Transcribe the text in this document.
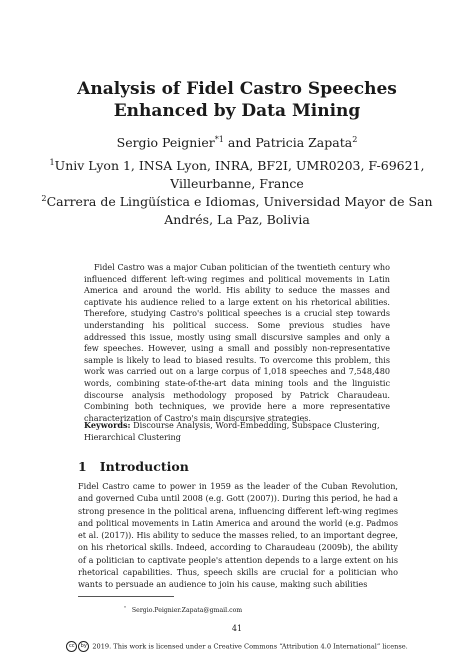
Analysis of Fidel Castro Speeches
Enhanced by Data Mining
Sergio Peignier$^{*1}$ and Patricia Zapata$^2$
$^1$Univ Lyon 1, INSA Lyon, INRA, BF2I, UMR0203, F-69621,
Villeurbanne, France
$^2$Carrera de Lingüística e Idiomas, Universidad Mayor de San
Andrés, La Paz, Bolivia
Fidel Castro was a major Cuban politician of the twentieth century who influenced different left-wing regimes and political movements in Latin America and around the world. His ability to seduce the masses and captivate his audience relied to a large extent on his rhetorical abilities. Therefore, studying Castro's political speeches is a crucial step towards understanding his political success. Some previous studies have addressed this issue, mostly using small discursive samples and only a few speeches. However, using a small and possibly non-representative sample is likely to lead to biased results. To overcome this problem, this work was carried out on a large corpus of 1,018 speeches and 7,548,480 words, combining state-of-the-art data mining tools and the linguistic discourse analysis methodology proposed by Patrick Charaudeau. Combining both techniques, we provide here a more representative characterization of Castro's main discursive strategies.
Keywords: Discourse Analysis, Word-Embedding, Subspace Clustering, Hierarchical Clustering
1 Introduction
Fidel Castro came to power in 1959 as the leader of the Cuban Revolution, and governed Cuba until 2008 (e.g. Gott (2007)). During this period, he had a strong presence in the political arena, influencing different left-wing regimes and political movements in Latin America and around the world (e.g. Padmos et al. (2017)). His ability to seduce the masses relied, to an important degree, on his rhetorical skills. Indeed, according to Charaudeau (2009b), the ability of a politician to captivate people's attention depends to a large extent on his rhetorical capabilities. Thus, speech skills are crucial for a politician who wants to persuade an audience to join his cause, making such abilities
* Sergio.Peignier.Zapata@gmail.com
41
cc by 2019. This work is licensed under a Creative Commons “Attribution 4.0 International” license.
